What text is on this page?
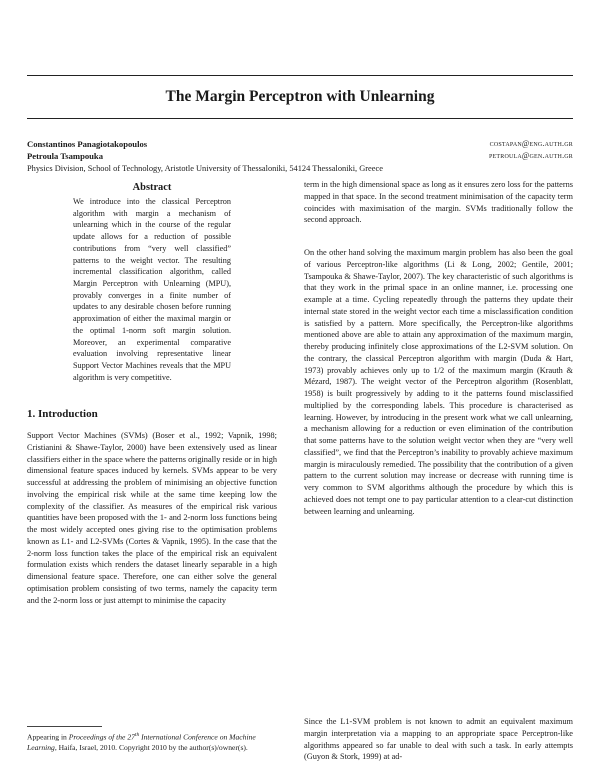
The Margin Perceptron with Unlearning
Constantinos Panagiotakopoulos	costapan@eng.auth.gr
Petroula Tsampouka	petroula@gen.auth.gr
Physics Division, School of Technology, Aristotle University of Thessaloniki, 54124 Thessaloniki, Greece
Abstract

We introduce into the classical Perceptron algorithm with margin a mechanism of unlearning which in the course of the regular update allows for a reduction of possible contributions from “very well classified” patterns to the weight vector. The resulting incremental classification algorithm, called Margin Perceptron with Unlearning (MPU), provably converges in a finite number of updates to any desirable chosen before running approximation of either the maximal margin or the optimal 1-norm soft margin solution. Moreover, an experimental comparative evaluation involving representative linear Support Vector Machines reveals that the MPU algorithm is very competitive.

1. Introduction

Support Vector Machines (SVMs) (Boser et al., 1992; Vapnik, 1998; Cristianini & Shawe-Taylor, 2000) have been extensively used as linear classifiers either in the space where the patterns originally reside or in high dimensional feature spaces induced by kernels. SVMs appear to be very successful at addressing the problem of minimising an objective function involving the empirical risk while at the same time keeping low the complexity of the classifier. As measures of the empirical risk various quantities have been proposed with the 1- and 2-norm loss functions being the most widely accepted ones giving rise to the optimisation problems known as L1- and L2-SVMs (Cortes & Vapnik, 1995). In the case that the 2-norm loss function takes the place of the empirical risk an equivalent formulation exists which renders the dataset linearly separable in a high dimensional feature space. Therefore, one can either solve the general optimisation problem consisting of two terms, namely the capacity term and the 2-norm loss or just attempt to minimise the capacity

Appearing in Proceedings of the 27th International Conference on Machine Learning, Haifa, Israel, 2010. Copyright 2010 by the author(s)/owner(s).

term in the high dimensional space as long as it ensures zero loss for the patterns mapped in that space. In the second treatment minimisation of the capacity term coincides with maximisation of the margin. SVMs traditionally follow the second approach.

On the other hand solving the maximum margin problem has also been the goal of various Perceptron-like algorithms (Li & Long, 2002; Gentile, 2001; Tsampouka & Shawe-Taylor, 2007). The key characteristic of such algorithms is that they work in the primal space in an online manner, i.e. processing one example at a time. Cycling repeatedly through the patterns they update their internal state stored in the weight vector each time a misclassification condition is satisfied by a pattern. More specifically, the Perceptron-like algorithms mentioned above are able to attain any approximation of the maximum margin, thereby producing infinitely close approximations of the L2-SVM solution. On the contrary, the classical Perceptron algorithm with margin (Duda & Hart, 1973) provably achieves only up to 1/2 of the maximum margin (Krauth & Mézard, 1987). The weight vector of the Perceptron algorithm (Rosenblatt, 1958) is built progressively by adding to it the patterns found misclassified multiplied by the corresponding labels. This procedure is characterised as learning. However, by introducing in the present work what we call unlearning, a mechanism allowing for a reduction or even elimination of the contribution that some patterns have to the solution weight vector when they are “very well classified”, we find that the Perceptron’s inability to provably achieve maximum margin is miraculously remedied. The possibility that the contribution of a given pattern to the current solution may increase or decrease with running time is very common to SVM algorithms although the procedure by which this is achieved does not tempt one to pay particular attention to a clear-cut distinction between learning and unlearning.

Since the L1-SVM problem is not known to admit an equivalent maximum margin interpretation via a mapping to an appropriate space Perceptron-like algorithms appeared so far unable to deal with such a task. In early attempts (Guyon & Stork, 1999) at ad-
